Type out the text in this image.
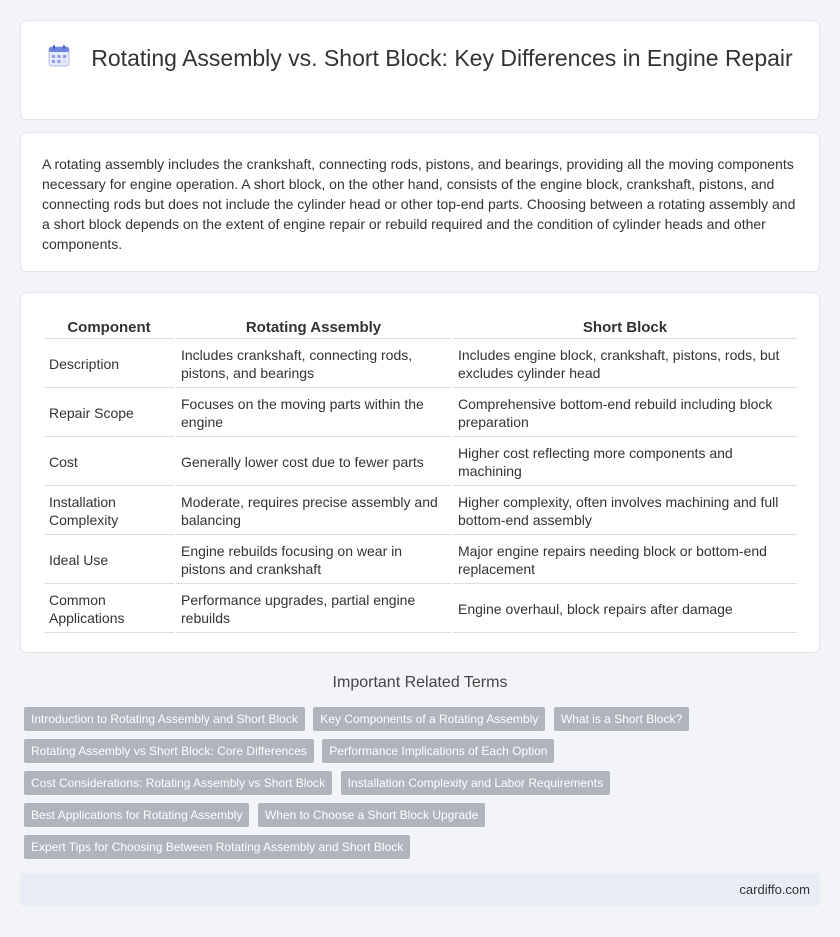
Rotating Assembly vs. Short Block: Key Differences in Engine Repair

A rotating assembly includes the crankshaft, connecting rods, pistons, and bearings, providing all the moving components necessary for engine operation. A short block, on the other hand, consists of the engine block, crankshaft, pistons, and connecting rods but does not include the cylinder head or other top-end parts. Choosing between a rotating assembly and a short block depends on the extent of engine repair or rebuild required and the condition of cylinder heads and other components.

Component	Rotating Assembly	Short Block
Description	Includes crankshaft, connecting rods, pistons, and bearings	Includes engine block, crankshaft, pistons, rods, but excludes cylinder head
Repair Scope	Focuses on the moving parts within the engine	Comprehensive bottom-end rebuild including block preparation
Cost	Generally lower cost due to fewer parts	Higher cost reflecting more components and machining
Installation Complexity	Moderate, requires precise assembly and balancing	Higher complexity, often involves machining and full bottom-end assembly
Ideal Use	Engine rebuilds focusing on wear in pistons and crankshaft	Major engine repairs needing block or bottom-end replacement
Common Applications	Performance upgrades, partial engine rebuilds	Engine overhaul, block repairs after damage
Important Related Terms
Introduction to Rotating Assembly and Short Block Key Components of a Rotating Assembly What is a Short Block?
Rotating Assembly vs Short Block: Core Differences Performance Implications of Each Option
Cost Considerations: Rotating Assembly vs Short Block Installation Complexity and Labor Requirements
Best Applications for Rotating Assembly When to Choose a Short Block Upgrade
Expert Tips for Choosing Between Rotating Assembly and Short Block
cardiffo.com
